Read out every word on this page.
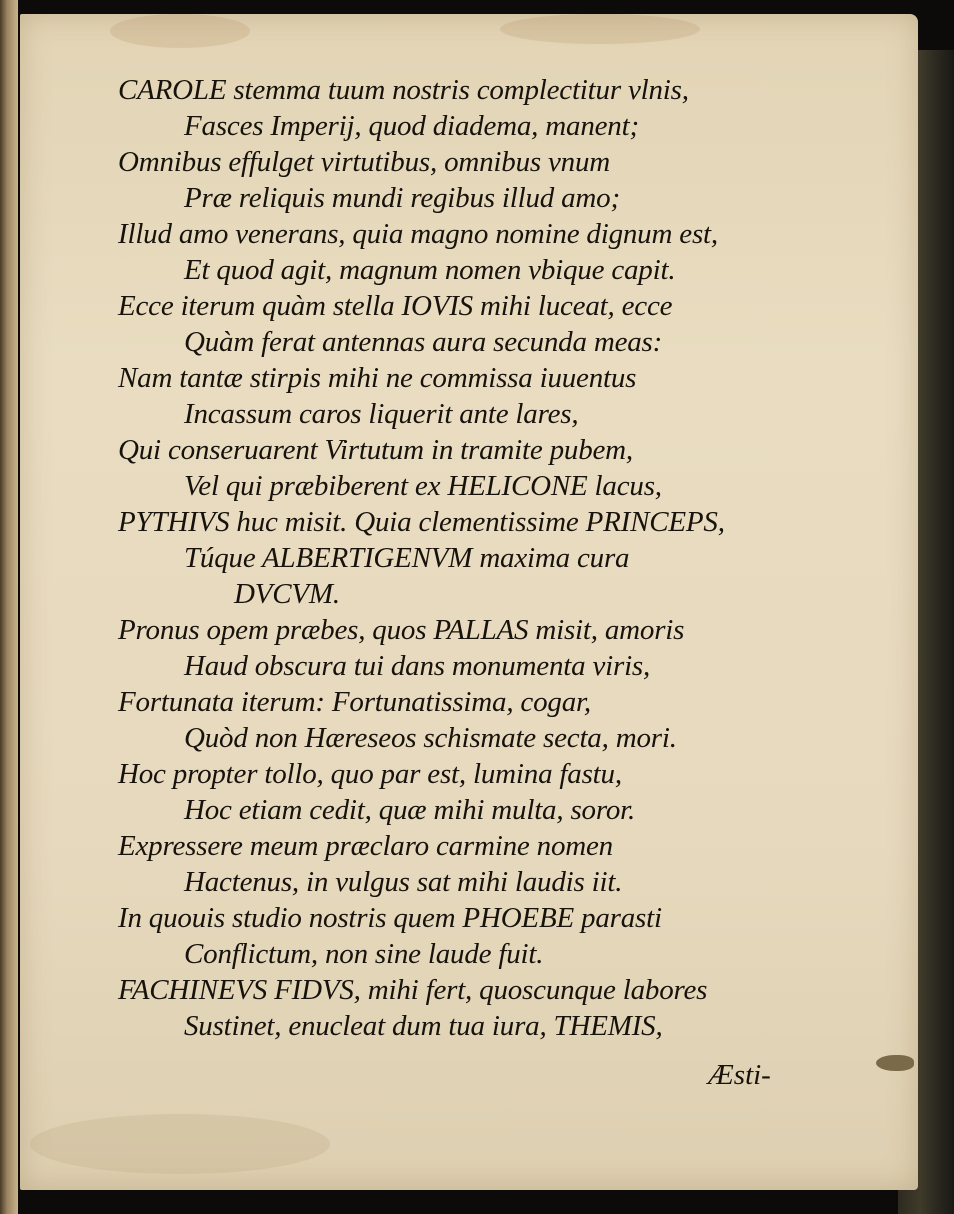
CAROLE stemma tuum nostris complectitur vlnis,
Fasces Imperij, quod diadema, manent;
Omnibus effulget virtutibus, omnibus vnum
Præ reliquis mundi regibus illud amo;
Illud amo venerans, quia magno nomine dignum est,
Et quod agit, magnum nomen vbique capit.
Ecce iterum quàm stella IOVIS mihi luceat, ecce
Quàm ferat antennas aura secunda meas:
Nam tantæ stirpis mihi ne commissa iuuentus
Incassum caros liquerit ante lares,
Qui conseruarent Virtutum in tramite pubem,
Vel qui præbiberent ex HELICONE lacus,
PYTHIVS huc misit. Quia clementissime PRINCEPS,
Túque ALBERTIGENVM maxima cura
DVCVM.
Pronus opem præbes, quos PALLAS misit, amoris
Haud obscura tui dans monumenta viris,
Fortunata iterum: Fortunatissima, cogar,
Quòd non Hæreseos schismate secta, mori.
Hoc propter tollo, quo par est, lumina fastu,
Hoc etiam cedit, quæ mihi multa, soror.
Expressere meum præclaro carmine nomen
Hactenus, in vulgus sat mihi laudis iit.
In quouis studio nostris quem PHOEBE parasti
Conflictum, non sine laude fuit.
FACHINEVS FIDVS, mihi fert, quoscunque labores
Sustinet, enucleat dum tua iura, THEMIS,
Æsti-
